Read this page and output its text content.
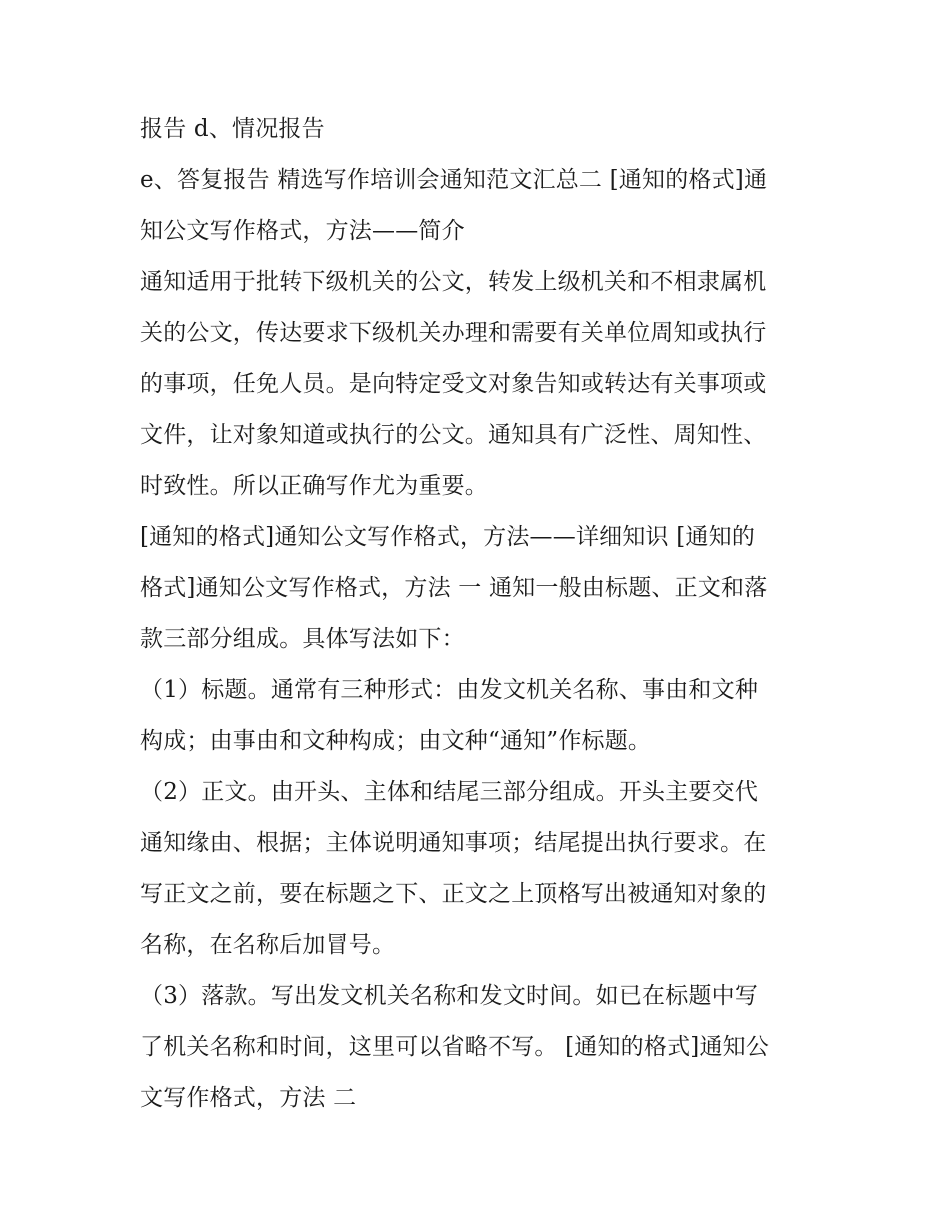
报告 d、情况报告
e、答复报告 精选写作培训会通知范文汇总二 [通知的格式]通
知公文写作格式，方法——简介
通知适用于批转下级机关的公文，转发上级机关和不相隶属机
关的公文，传达要求下级机关办理和需要有关单位周知或执行
的事项，任免人员。是向特定受文对象告知或转达有关事项或
文件，让对象知道或执行的公文。通知具有广泛性、周知性、
时致性。所以正确写作尤为重要。
[通知的格式]通知公文写作格式，方法——详细知识 [通知的
格式]通知公文写作格式，方法 一 通知一般由标题、正文和落
款三部分组成。具体写法如下：
（1）标题。通常有三种形式：由发文机关名称、事由和文种
构成；由事由和文种构成；由文种“通知”作标题。
（2）正文。由开头、主体和结尾三部分组成。开头主要交代
通知缘由、根据；主体说明通知事项；结尾提出执行要求。在
写正文之前，要在标题之下、正文之上顶格写出被通知对象的
名称，在名称后加冒号。
（3）落款。写出发文机关名称和发文时间。如已在标题中写
了机关名称和时间，这里可以省略不写。 [通知的格式]通知公
文写作格式，方法 二
